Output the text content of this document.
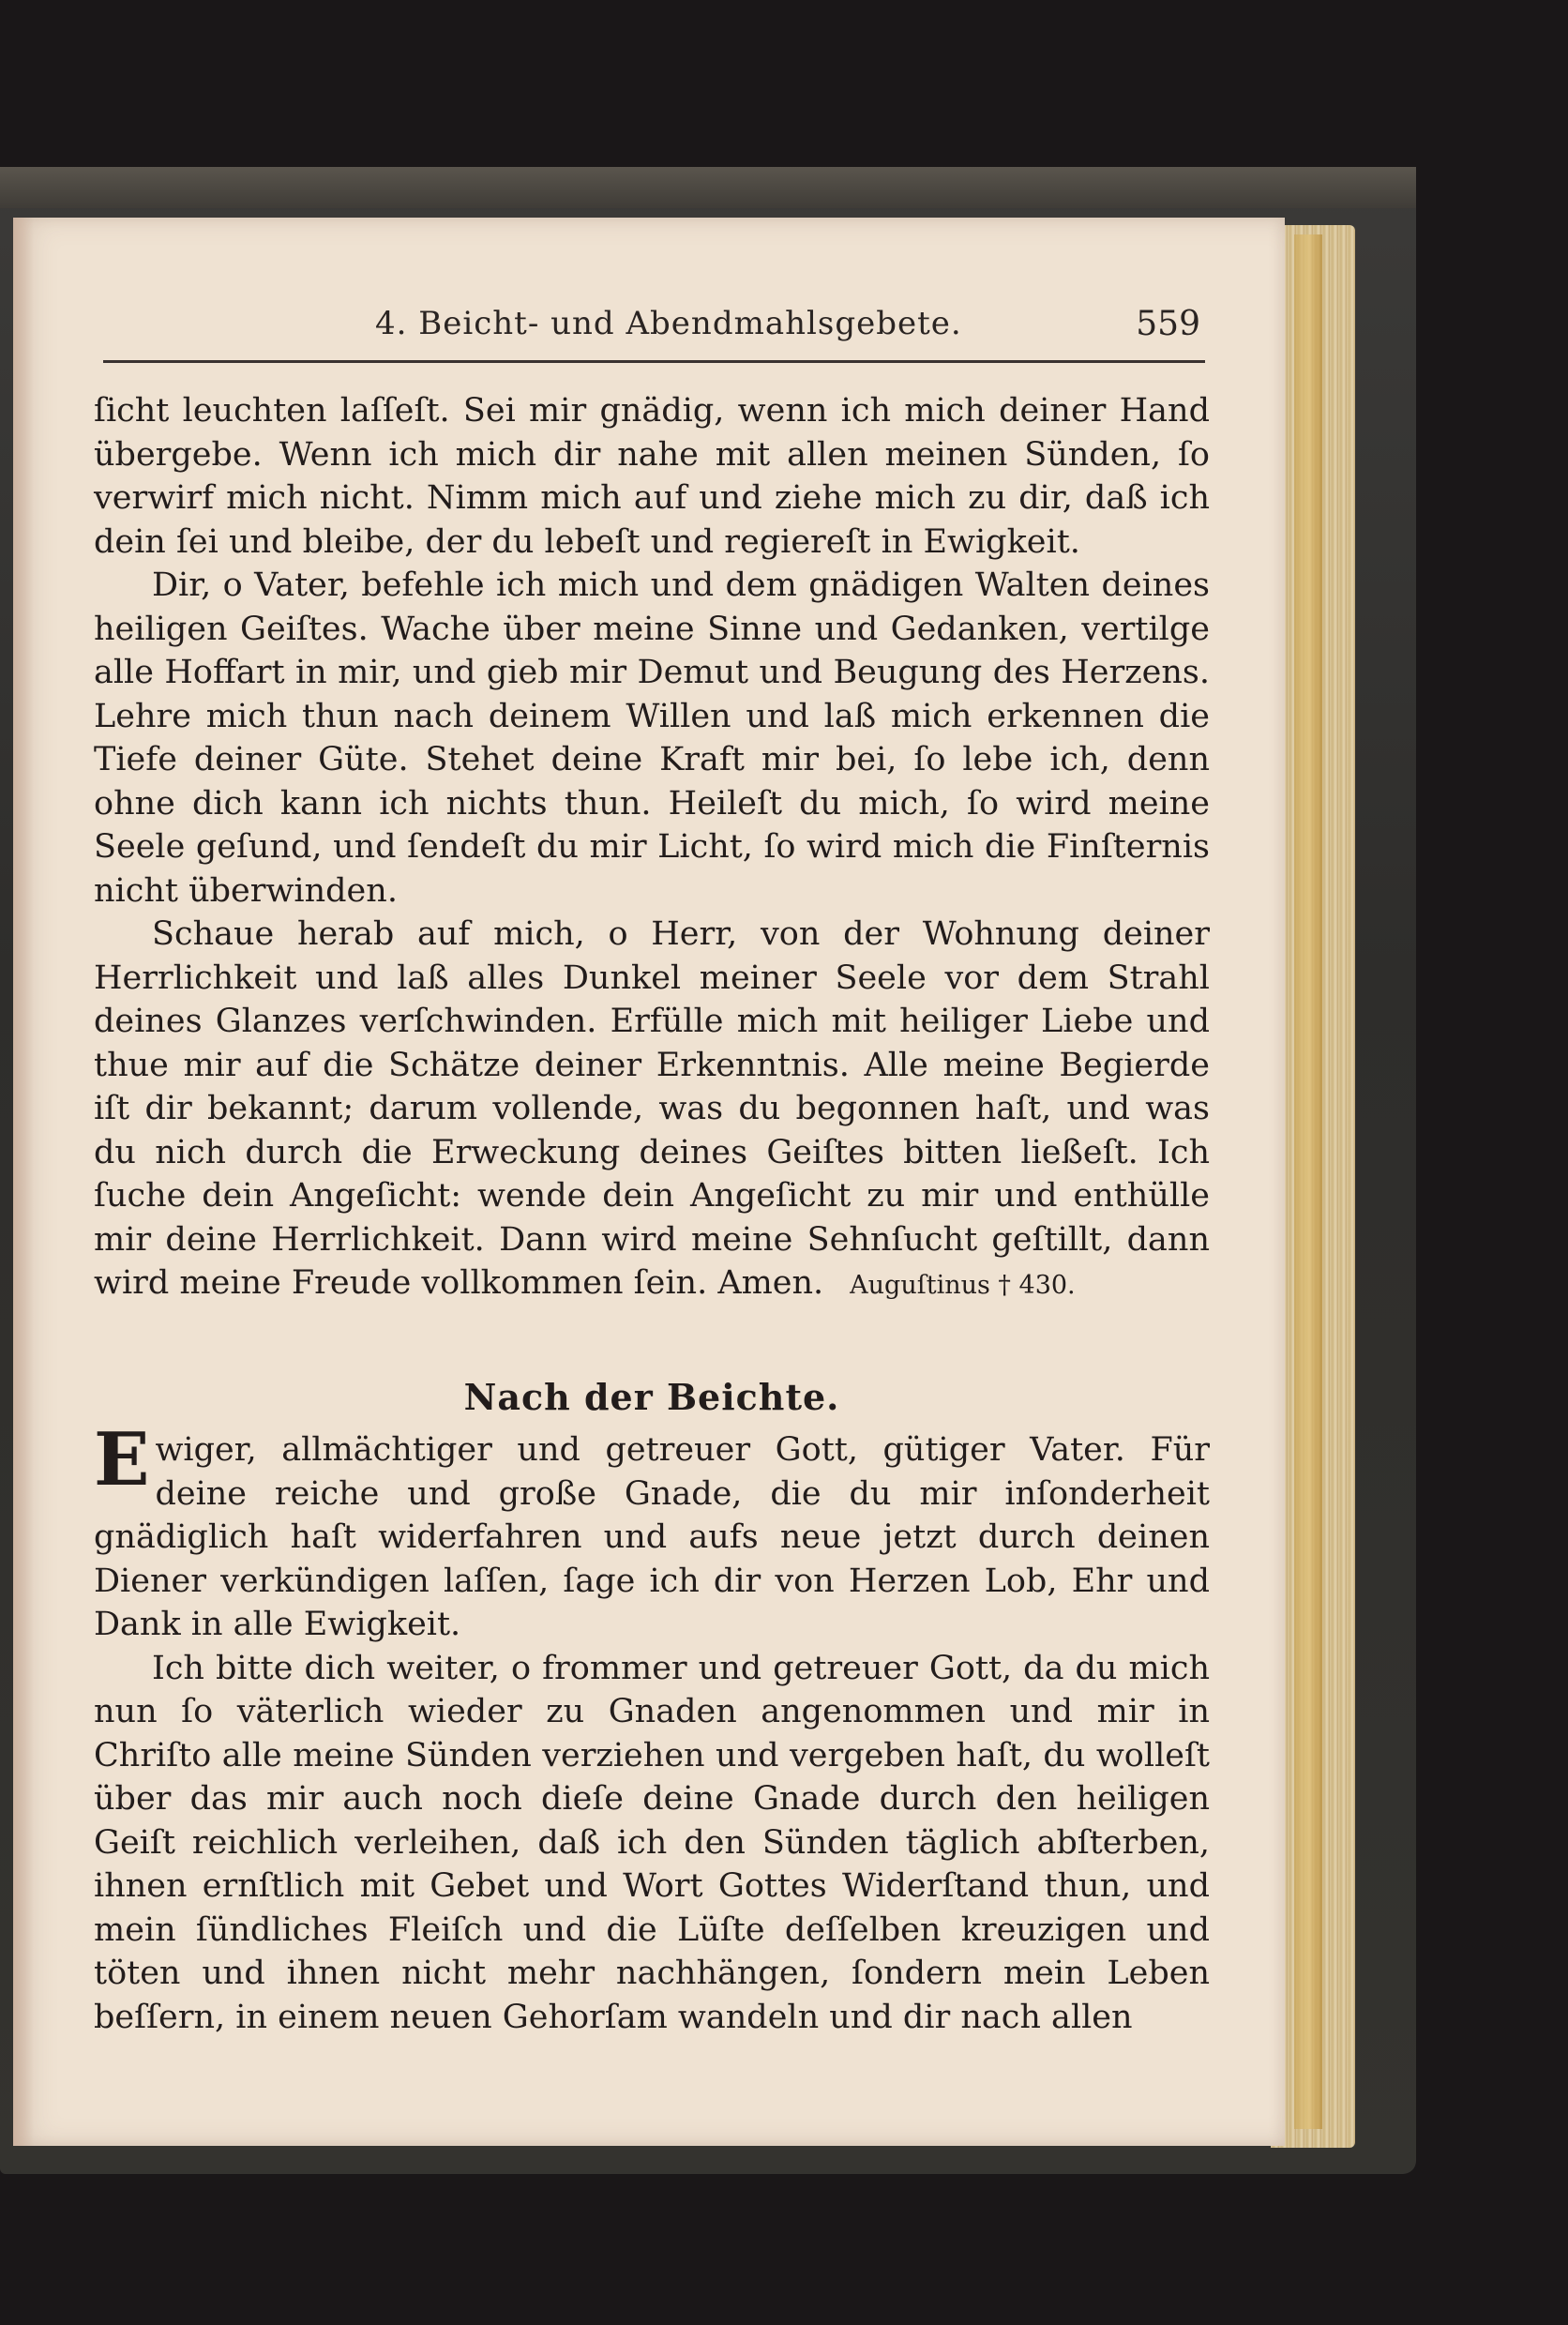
4. Beicht- und Abendmahlsgebete.	559

ſicht leuchten laſſeſt. Sei mir gnädig, wenn ich mich deiner Hand übergebe. Wenn ich mich dir nahe mit allen meinen Sünden, ſo verwirf mich nicht. Nimm mich auf und ziehe mich zu dir, daß ich dein ſei und bleibe, der du lebeſt und regiereſt in Ewigkeit.

Dir, o Vater, befehle ich mich und dem gnädigen Walten deines heiligen Geiſtes. Wache über meine Sinne und Gedanken, vertilge alle Hoffart in mir, und gieb mir Demut und Beugung des Herzens. Lehre mich thun nach deinem Willen und laß mich erkennen die Tiefe deiner Güte. Stehet deine Kraft mir bei, ſo lebe ich, denn ohne dich kann ich nichts thun. Heileſt du mich, ſo wird meine Seele geſund, und ſendeſt du mir Licht, ſo wird mich die Finſternis nicht überwinden.

Schaue herab auf mich, o Herr, von der Wohnung deiner Herrlichkeit und laß alles Dunkel meiner Seele vor dem Strahl deines Glanzes verſchwinden. Erfülle mich mit heiliger Liebe und thue mir auf die Schätze deiner Erkenntnis. Alle meine Begierde iſt dir bekannt; darum vollende, was du begonnen haſt, und was du nich durch die Erweckung deines Geiſtes bitten ließeſt. Ich ſuche dein Angeſicht: wende dein Angeſicht zu mir und enthülle mir deine Herrlichkeit. Dann wird meine Sehnſucht geſtillt, dann wird meine Freude vollkommen ſein. Amen. Auguſtinus † 430.

Nach der Beichte.

Ewiger, allmächtiger und getreuer Gott, gütiger Vater. Für deine reiche und große Gnade, die du mir inſonderheit gnädiglich haſt widerfahren und aufs neue jetzt durch deinen Diener verkündigen laſſen, ſage ich dir von Herzen Lob, Ehr und Dank in alle Ewigkeit.

Ich bitte dich weiter, o frommer und getreuer Gott, da du mich nun ſo väterlich wieder zu Gnaden angenommen und mir in Chriſto alle meine Sünden verziehen und vergeben haſt, du wolleſt über das mir auch noch dieſe deine Gnade durch den heiligen Geiſt reichlich verleihen, daß ich den Sünden täglich abſterben, ihnen ernſtlich mit Gebet und Wort Gottes Widerſtand thun, und mein ſündliches Fleiſch und die Lüſte deſſelben kreuzigen und töten und ihnen nicht mehr nachhängen, ſondern mein Leben beſſern, in einem neuen Gehorſam wandeln und dir nach allen
